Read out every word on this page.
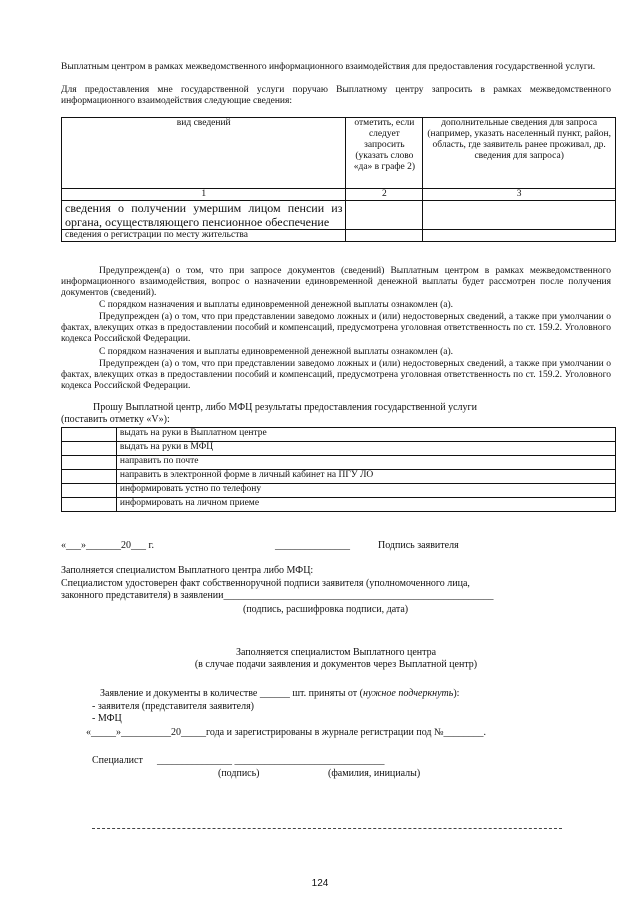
Выплатным центром в рамках межведомственного информационного взаимодействия для предоставления государственной услуги.

Для предоставления мне государственной услуги поручаю Выплатному центру запросить в рамках межведомственного информационного взаимодействия следующие сведения:

вид сведений	отметить, если следует запросить (указать слово «да» в графе 2)	дополнительные сведения для запроса (например, указать населенный пункт, район, область, где заявитель ранее проживал, др. сведения для запроса)
1	2	3
сведения о получении умершим лицом пенсии из органа, осуществляющего пенсионное обеспечение		
сведения о регистрации по месту жительства		

Предупрежден(а) о том, что при запросе документов (сведений) Выплатным центром в рамках межведомственного информационного взаимодействия, вопрос о назначении единовременной денежной выплаты будет рассмотрен после получения документов (сведений).

С порядком назначения и выплаты единовременной денежной выплаты ознакомлен (а).

Предупрежден (а) о том, что при представлении заведомо ложных и (или) недостоверных сведений, а также при умолчании о фактах, влекущих отказ в предоставлении пособий и компенсаций, предусмотрена уголовная ответственность по ст. 159.2. Уголовного кодекса Российской Федерации.

С порядком назначения и выплаты единовременной денежной выплаты ознакомлен (а).

Предупрежден (а) о том, что при представлении заведомо ложных и (или) недостоверных сведений, а также при умолчании о фактах, влекущих отказ в предоставлении пособий и компенсаций, предусмотрена уголовная ответственность по ст. 159.2. Уголовного кодекса Российской Федерации.

Прошу Выплатной центр, либо МФЦ результаты предоставления государственной услуги

(поставить отметку «V»):

	выдать на руки в Выплатном центре
	выдать на руки в МФЦ
	направить по почте
	направить в электронной форме в личный кабинет на ПГУ ЛО
	информировать устно по телефону
	информировать на личном приеме
«___»_______20___ г.	_______________	Подпись заявителя
Заполняется специалистом Выплатного центра либо МФЦ:

Специалистом удостоверен факт собственноручной подписи заявителя (уполномоченного лица,

законного представителя) в заявлении______________________________________________________
(подпись, расшифровка подписи, дата)
Заполняется специалистом Выплатного центра
(в случае подачи заявления и документов через Выплатной центр)
Заявление и документы в количестве ______ шт. приняты от (нужное подчеркнуть):
- заявителя (представителя заявителя)
- МФЦ
«_____»__________20_____года и зарегистрированы в журнале регистрации под №________.
Специалист _______________ ______________________________
(подпись)	(фамилия, инициалы)
124
